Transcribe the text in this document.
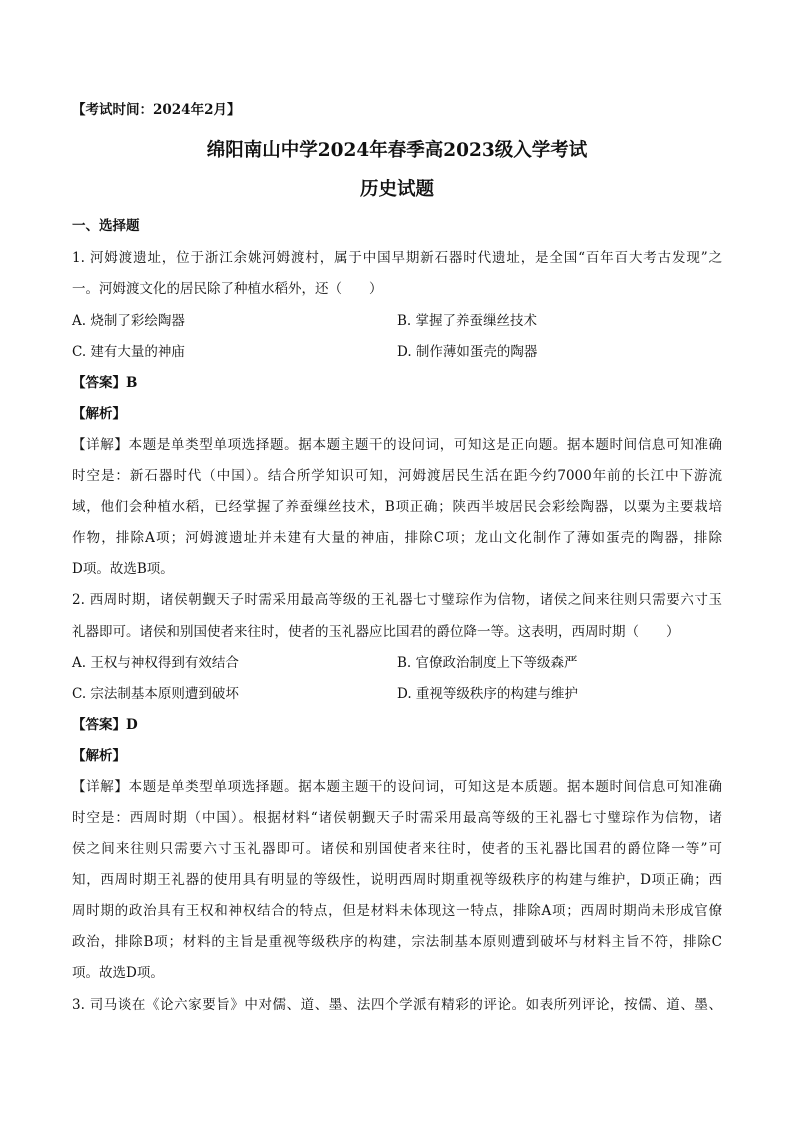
【考试时间：2024年2月】
绵阳南山中学2024年春季高2023级入学考试
历史试题
一、选择题
1. 河姆渡遗址，位于浙江余姚河姆渡村，属于中国早期新石器时代遗址，是全国“百年百大考古发现”之
一。河姆渡文化的居民除了种植水稻外，还（　　）
A. 烧制了彩绘陶器	B. 掌握了养蚕缫丝技术
C. 建有大量的神庙	D. 制作薄如蛋壳的陶器
【答案】B
【解析】
【详解】本题是单类型单项选择题。据本题主题干的设问词，可知这是正向题。据本题时间信息可知准确
时空是：新石器时代（中国）。结合所学知识可知，河姆渡居民生活在距今约7000年前的长江中下游流
域，他们会种植水稻，已经掌握了养蚕缫丝技术，B项正确；陕西半坡居民会彩绘陶器，以粟为主要栽培
作物，排除A项；河姆渡遗址并未建有大量的神庙，排除C项；龙山文化制作了薄如蛋壳的陶器，排除
D项。故选B项。
2. 西周时期，诸侯朝觐天子时需采用最高等级的王礼器七寸璧琮作为信物，诸侯之间来往则只需要六寸玉
礼器即可。诸侯和别国使者来往时，使者的玉礼器应比国君的爵位降一等。这表明，西周时期（　　）
A. 王权与神权得到有效结合	B. 官僚政治制度上下等级森严
C. 宗法制基本原则遭到破坏	D. 重视等级秩序的构建与维护
【答案】D
【解析】
【详解】本题是单类型单项选择题。据本题主题干的设问词，可知这是本质题。据本题时间信息可知准确
时空是：西周时期（中国）。根据材料“诸侯朝觐天子时需采用最高等级的王礼器七寸璧琮作为信物，诸
侯之间来往则只需要六寸玉礼器即可。诸侯和别国使者来往时，使者的玉礼器比国君的爵位降一等”可
知，西周时期王礼器的使用具有明显的等级性，说明西周时期重视等级秩序的构建与维护，D项正确；西
周时期的政治具有王权和神权结合的特点，但是材料未体现这一特点，排除A项；西周时期尚未形成官僚
政治，排除B项；材料的主旨是重视等级秩序的构建，宗法制基本原则遭到破坏与材料主旨不符，排除C
项。故选D项。
3. 司马谈在《论六家要旨》中对儒、道、墨、法四个学派有精彩的评论。如表所列评论，按儒、道、墨、
